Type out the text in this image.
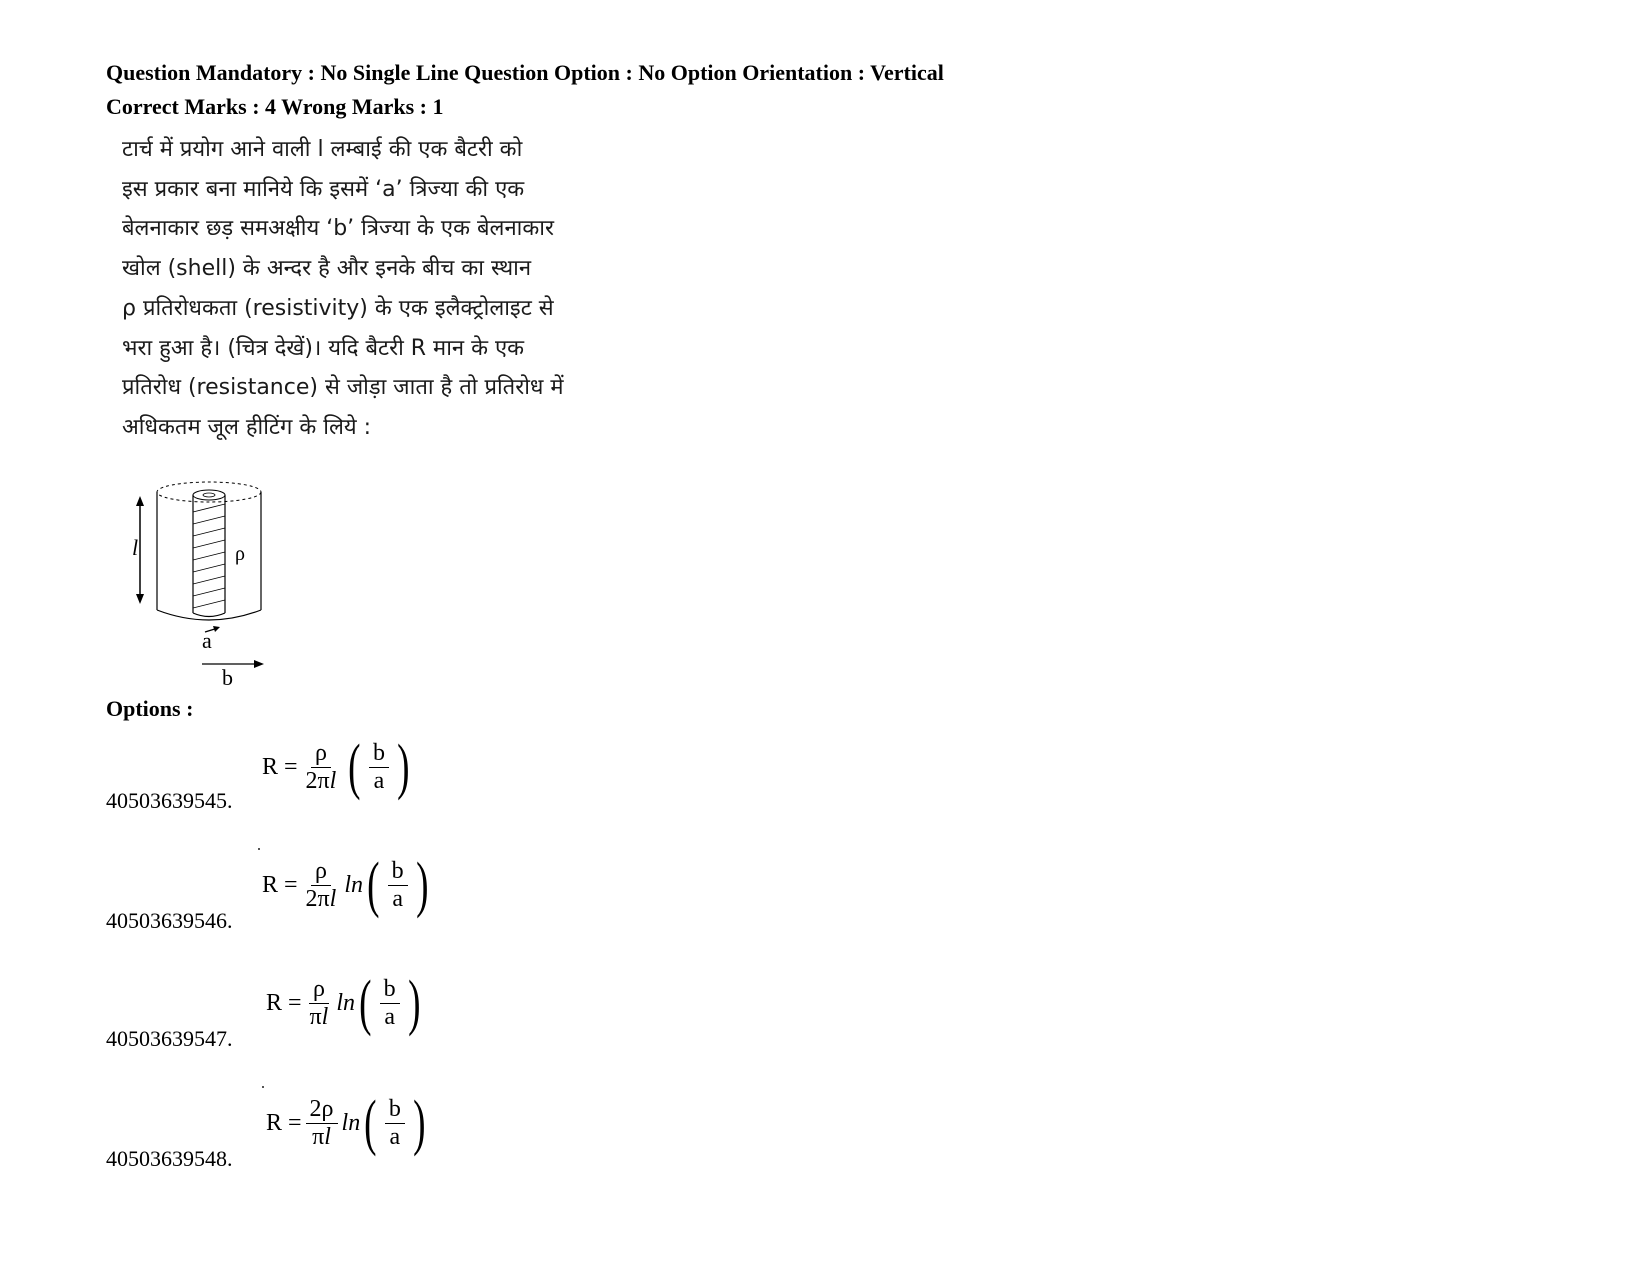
Question Mandatory : No Single Line Question Option : No Option Orientation : Vertical
Correct Marks : 4 Wrong Marks : 1
टार्च में प्रयोग आने वाली l लम्बाई की एक बैटरी को
इस प्रकार बना मानिये कि इसमें ‘a’ त्रिज्या की एक
बेलनाकार छड़ समअक्षीय ‘b’ त्रिज्या के एक बेलनाकार
खोल (shell) के अन्दर है और इनके बीच का स्थान
ρ प्रतिरोधकता (resistivity) के एक इलैक्ट्रोलाइट से
भरा हुआ है। (चित्र देखें)। यदि बैटरी R मान के एक
प्रतिरोध (resistance) से जोड़ा जाता है तो प्रतिरोध में
अधिकतम जूल हीटिंग के लिये :
l	ρ
a
b
Options :
40503639545.
$R = \frac{\rho}{2\pi l}$ ( $\frac{b}{a}$ )
40503639546.
$R = \frac{\rho}{2\pi l}$ ln ( $\frac{b}{a}$ )
40503639547.
$R = \frac{\rho}{\pi l}$ ln ( $\frac{b}{a}$ )
40503639548.
$R = \frac{2\rho}{\pi l}$ ln ( $\frac{b}{a}$ )
